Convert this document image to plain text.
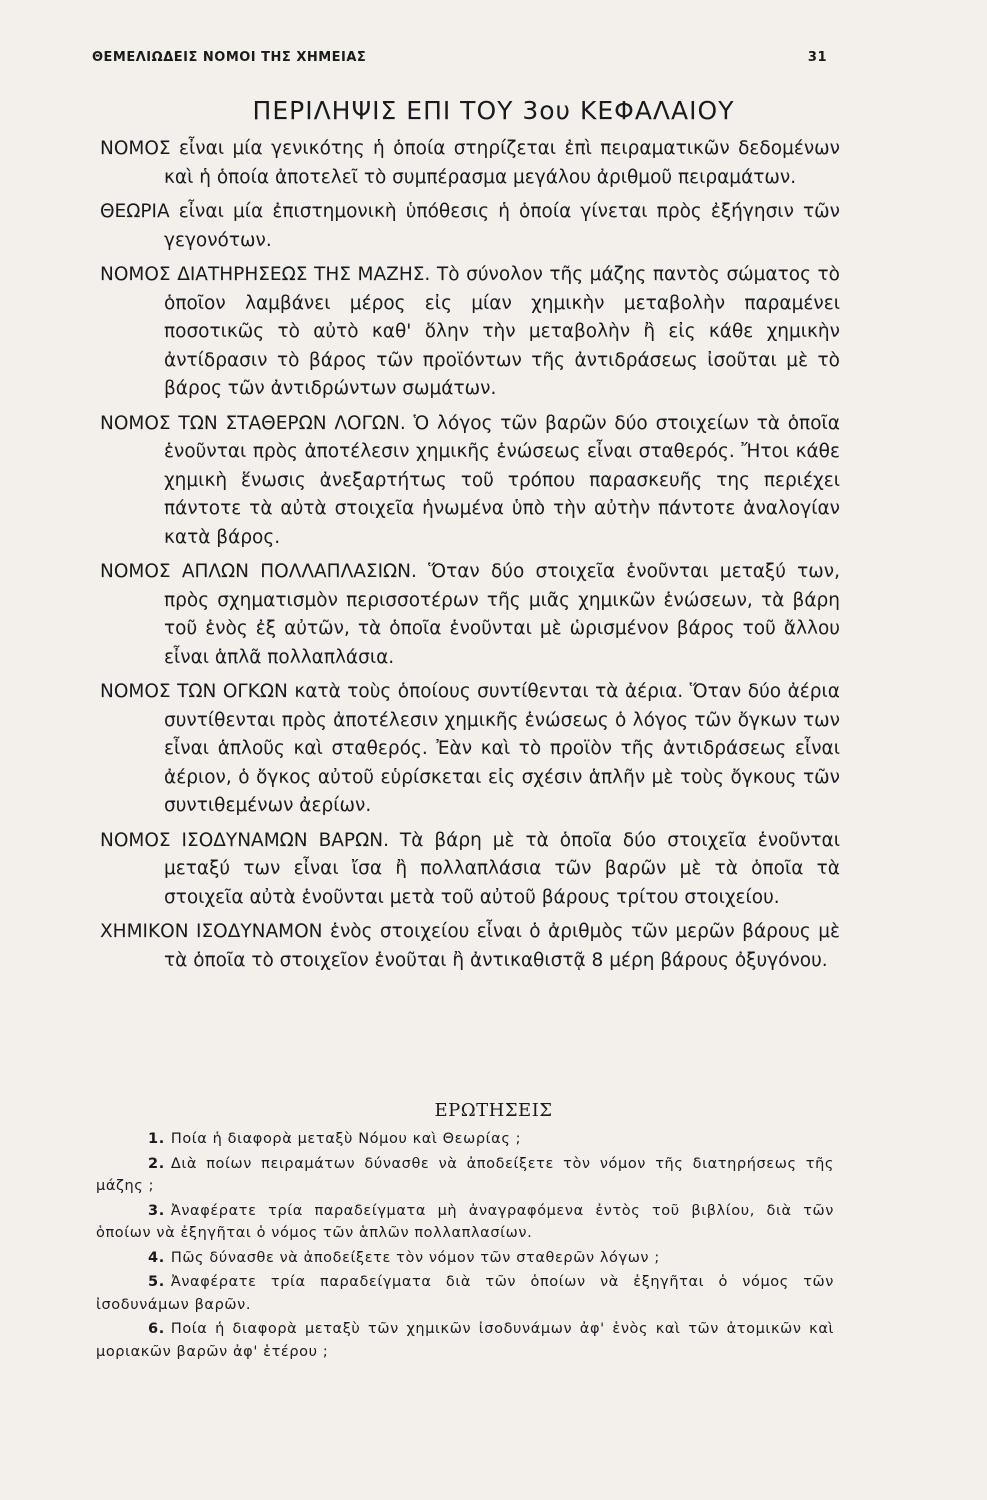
ΘΕΜΕΛΙΩΔΕΙΣ ΝΟΜΟΙ ΤΗΣ ΧΗΜΕΙΑΣ	31
ΠΕΡΙΛΗΨΙΣ ΕΠΙ ΤΟΥ 3ου ΚΕΦΑΛΑΙΟΥ

ΝΟΜΟΣ εἶναι μία γενικότης ἡ ὁποία στηρίζεται ἐπὶ πειραματικῶν δεδομένων καὶ ἡ ὁποία ἀποτελεῖ τὸ συμπέρασμα μεγάλου ἀριθμοῦ πειραμάτων.

ΘΕΩΡΙΑ εἶναι μία ἐπιστημονικὴ ὑπόθεσις ἡ ὁποία γίνεται πρὸς ἐξήγησιν τῶν γεγονότων.

ΝΟΜΟΣ ΔΙΑΤΗΡΗΣΕΩΣ ΤΗΣ ΜΑΖΗΣ. Τὸ σύνολον τῆς μάζης παντὸς σώματος τὸ ὁποῖον λαμβάνει μέρος εἰς μίαν χημικὴν μεταβολὴν παραμένει ποσοτικῶς τὸ αὐτὸ καθ' ὅλην τὴν μεταβολὴν ἢ εἰς κάθε χημικὴν ἀντίδρασιν τὸ βάρος τῶν προϊόντων τῆς ἀντιδράσεως ἰσοῦται μὲ τὸ βάρος τῶν ἀντιδρώντων σωμάτων.

ΝΟΜΟΣ ΤΩΝ ΣΤΑΘΕΡΩΝ ΛΟΓΩΝ. Ὁ λόγος τῶν βαρῶν δύο στοιχείων τὰ ὁποῖα ἑνοῦνται πρὸς ἀποτέλεσιν χημικῆς ἑνώσεως εἶναι σταθερός. Ἤτοι κάθε χημικὴ ἕνωσις ἀνεξαρτήτως τοῦ τρόπου παρασκευῆς της περιέχει πάντοτε τὰ αὐτὰ στοιχεῖα ἡνωμένα ὑπὸ τὴν αὐτὴν πάντοτε ἀναλογίαν κατὰ βάρος.

ΝΟΜΟΣ ΑΠΛΩΝ ΠΟΛΛΑΠΛΑΣΙΩΝ. Ὅταν δύο στοιχεῖα ἑνοῦνται μεταξύ των, πρὸς σχηματισμὸν περισσοτέρων τῆς μιᾶς χημικῶν ἑνώσεων, τὰ βάρη τοῦ ἑνὸς ἐξ αὐτῶν, τὰ ὁποῖα ἑνοῦνται μὲ ὡρισμένον βάρος τοῦ ἄλλου εἶναι ἁπλᾶ πολλαπλάσια.

ΝΟΜΟΣ ΤΩΝ ΟΓΚΩΝ κατὰ τοὺς ὁποίους συντίθενται τὰ ἀέρια. Ὅταν δύο ἀέρια συντίθενται πρὸς ἀποτέλεσιν χημικῆς ἑνώσεως ὁ λόγος τῶν ὄγκων των εἶναι ἁπλοῦς καὶ σταθερός. Ἐὰν καὶ τὸ προϊὸν τῆς ἀντιδράσεως εἶναι ἀέριον, ὁ ὄγκος αὐτοῦ εὑρίσκεται εἰς σχέσιν ἁπλῆν μὲ τοὺς ὄγκους τῶν συντιθεμένων ἀερίων.

ΝΟΜΟΣ ΙΣΟΔΥΝΑΜΩΝ ΒΑΡΩΝ. Τὰ βάρη μὲ τὰ ὁποῖα δύο στοιχεῖα ἑνοῦνται μεταξύ των εἶναι ἴσα ἢ πολλαπλάσια τῶν βαρῶν μὲ τὰ ὁποῖα τὰ στοιχεῖα αὐτὰ ἑνοῦνται μετὰ τοῦ αὐτοῦ βάρους τρίτου στοιχείου.

ΧΗΜΙΚΟΝ ΙΣΟΔΥΝΑΜΟΝ ἑνὸς στοιχείου εἶναι ὁ ἀριθμὸς τῶν μερῶν βάρους μὲ τὰ ὁποῖα τὸ στοιχεῖον ἑνοῦται ἢ ἀντικαθιστᾷ 8 μέρη βάρους ὀξυγόνου.

ΕΡΩΤΗΣΕΙΣ

1. Ποία ἡ διαφορὰ μεταξὺ Νόμου καὶ Θεωρίας ;

2. Διὰ ποίων πειραμάτων δύνασθε νὰ ἀποδείξετε τὸν νόμον τῆς διατηρήσεως τῆς μάζης ;

3. Ἀναφέρατε τρία παραδείγματα μὴ ἀναγραφόμενα ἐντὸς τοῦ βιβλίου, διὰ τῶν ὁποίων νὰ ἐξηγῆται ὁ νόμος τῶν ἁπλῶν πολλαπλασίων.

4. Πῶς δύνασθε νὰ ἀποδείξετε τὸν νόμον τῶν σταθερῶν λόγων ;

5. Ἀναφέρατε τρία παραδείγματα διὰ τῶν ὁποίων νὰ ἐξηγῆται ὁ νόμος τῶν ἰσοδυνάμων βαρῶν.

6. Ποία ἡ διαφορὰ μεταξὺ τῶν χημικῶν ἰσοδυνάμων ἀφ' ἑνὸς καὶ τῶν ἀτομικῶν καὶ μοριακῶν βαρῶν ἀφ' ἑτέρου ;
